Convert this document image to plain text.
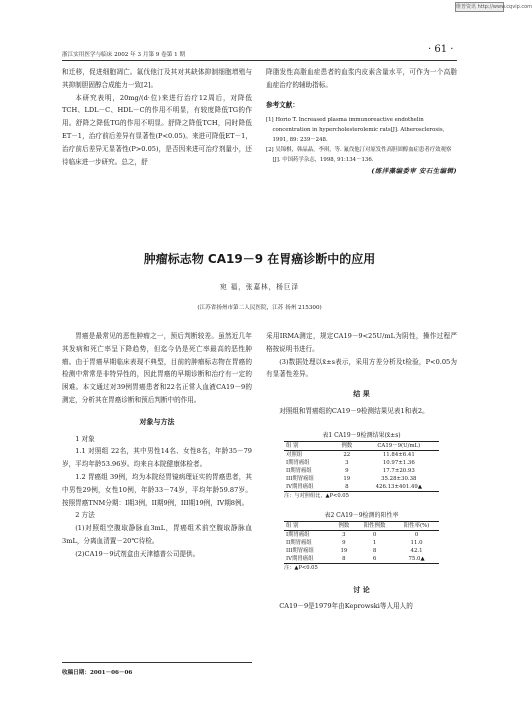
维普资讯 http://www.cqvip.com
浙江实用医学与临床 2002 年 3 月第 9 卷第 1 期	· 61 ·

和迁移，促进细胞凋亡。氟伐他汀及其对其缺体抑制细胞增殖与其抑制胆固醇合成能力一致[2]。

本研究表明，20mg/(d·位)来进行治疗12周后，对降低TCH、LDL－C、HDL－C的作用不明显，有较度降低TG的作用。舒降之降低TG的作用不明显。舒降之降低TCH，同时降低ET－1，治疗前后差异有显著性(P<0.05)。来进可降低ET－1，治疗前后差异无显著性(P>0.05)，是否因来进可治疗剂量小，还待临床进一步研究。总之，舒

降脂发性高脂血症患者的血浆内皮素含量水平，可作为一个高脂血症治疗的辅助指标。

参考文献：
[1] Horio T. Increased plasma immunoreactive endothelin concentration in hypercholesterolemic rats[J]. Atherosclerosis, 1991, 89: 239－248.
[2] 吴锦棋，韩晶晶，李琪，等. 氟伐他汀对原发性高胆固醇血症患者疗效观察[J]. 中国药学杂志，1998, 91:134－136.
(练洋藻编委审 安石生编辑)
肿瘤标志物 CA19－9 在胃癌诊断中的应用
宛 福，张嘉林，杨巨泽
(江苏省扬州市第二人民医院，江苏 扬州 215300)

胃癌是最常见的恶性肿瘤之一，预后判断较差。虽然近几年其发病和死亡率呈下降趋势，但迄今仍是死亡率最高的恶性肿瘤。由于胃癌早期临床表现不典型，目前的肿瘤标志物在胃癌的检测中常常是非特异性的，因此胃癌的早期诊断和治疗有一定的困难。本文通过对39例胃癌患者和22名正常人血液CA19－9的测定，分析其在胃癌诊断和预后判断中的作用。

对象与方法

1 对象

1.1 对照组 22名，其中男性14名、女性8名，年龄35－79岁，平均年龄53.96岁。均来自本院健康体检者。

1.2 胃癌组 39例，均为本院经胃镜病理证实的胃癌患者，其中男性29例，女性10例，年龄33－74岁，平均年龄59.87岁。按照胃癌TNM分期：I期3例，II期9例，III期19例，IV期8例。

2 方法

(1)对照组空腹取静脉血3mL，胃癌组术前空腹取静脉血3mL，分离血清置－20℃待检。

(2)CA19－9试剂盒由天津德普公司提供。

采用IRMA测定，规定CA19－9<25U/mL为阴性，操作过程严格按说明书进行。

(3)数据处理以x̄±s表示，采用方差分析及t检验，P<0.05为有显著性差异。

结 果

对照组和胃癌组的CA19－9检测结果见表1和表2。

表1 CA19－9检测结果(x̄±s)
组 别	例数	CA19－9(U/mL)
对照组	22	11.84±6.41
I期胃癌组	3	10.97±1.36
II期胃癌组	9	17.7±20.93
III期胃癌组	19	35.28±30.38
IV期胃癌组	8	426.13±401.49▲
注：与对照组比，▲P<0.05
表2 CA19－9检测的阳性率
组 别	例数	阳性例数	阳性率(%)
I期胃癌组	3	0	0
II期胃癌组	9	1	11.0
III期胃癌组	19	8	42.1
IV期胃癌组	8	6	75.0▲
注：▲P<0.05
讨 论

CA19－9是1979年由Keprowski等人用人的

收稿日期：2001－06－06
